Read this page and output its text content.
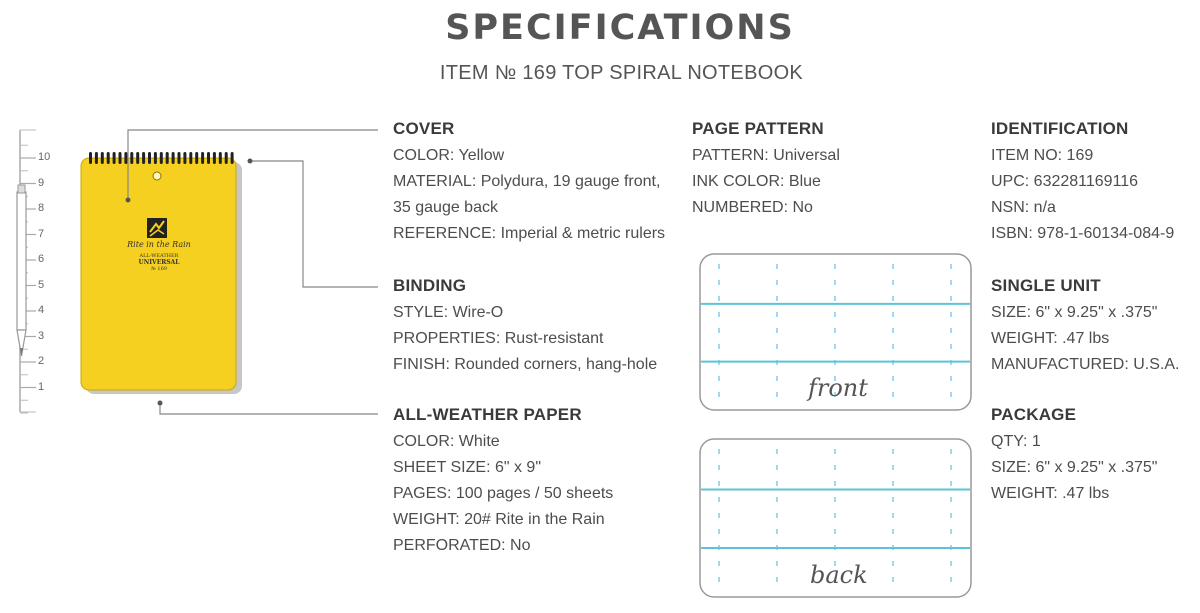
SPECIFICATIONS
ITEM № 169 TOP SPIRAL NOTEBOOK
10
9
8
7
6
5
4
3
2
1
Rite in the Rain
ALL-WEATHER
UNIVERSAL
№ 169
front
back
COVER
COLOR: Yellow
MATERIAL: Polydura, 19 gauge front,
35 gauge back
REFERENCE: Imperial & metric rulers
BINDING
STYLE: Wire-O
PROPERTIES: Rust-resistant
FINISH: Rounded corners, hang-hole
ALL-WEATHER PAPER
COLOR: White
SHEET SIZE: 6" x 9"
PAGES: 100 pages / 50 sheets
WEIGHT: 20# Rite in the Rain
PERFORATED: No
PAGE PATTERN
PATTERN: Universal
INK COLOR: Blue
NUMBERED: No
IDENTIFICATION
ITEM NO: 169
UPC: 632281169116
NSN: n/a
ISBN: 978-1-60134-084-9
SINGLE UNIT
SIZE: 6" x 9.25" x .375"
WEIGHT: .47 lbs
MANUFACTURED: U.S.A.
PACKAGE
QTY: 1
SIZE: 6" x 9.25" x .375"
WEIGHT: .47 lbs
